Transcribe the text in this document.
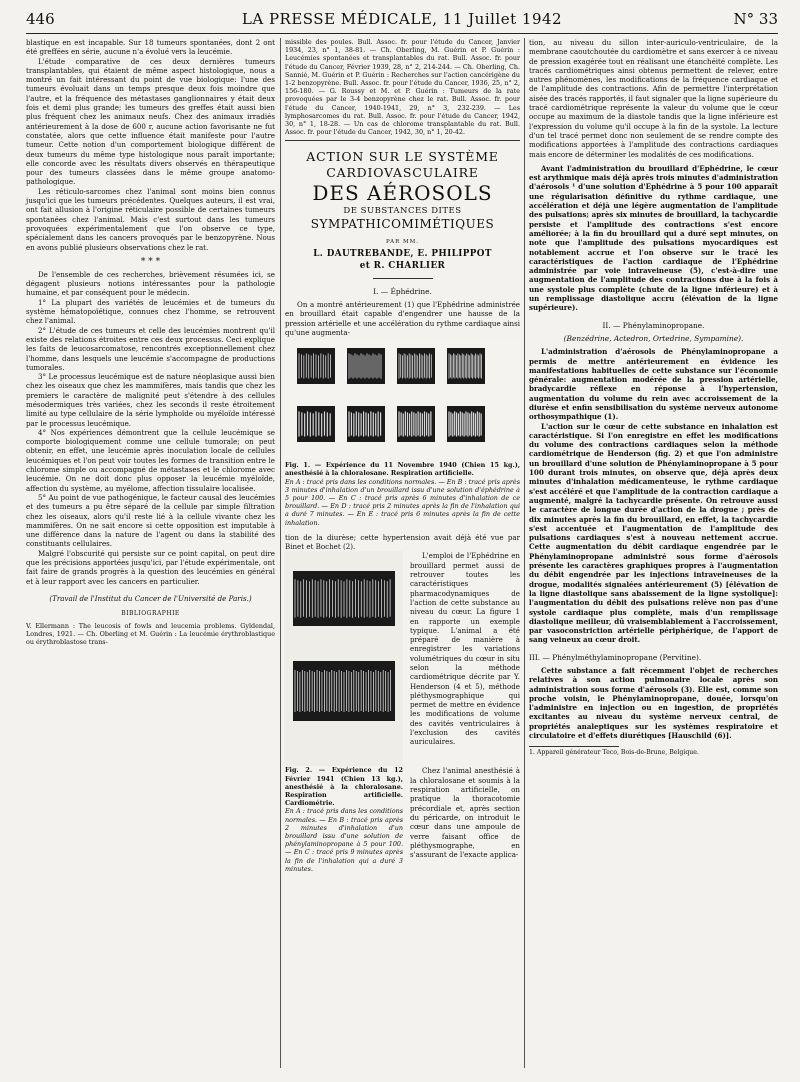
LA PRESSE MÉDICALE, 11 Juillet 1942
446	N° 33

blastique en est incapable. Sur 18 tumeurs spontanées, dont 2 ont été greffées en série, aucune n'a évolué vers la leucémie.

L'étude comparative de ces deux dernières tumeurs transplantables, qui étaient de même aspect histologique, nous a montré un fait intéressant du point de vue biologique: l'une des tumeurs évoluait dans un temps presque deux fois moindre que l'autre, et la fréquence des métastases ganglionnaires y était deux fois et demi plus grande; les tumeurs des greffes était aussi bien plus fréquent chez les animaux neufs. Chez des animaux irradiés antérieurement à la dose de 600 r, aucune action favorisante ne fut constatée, alors que cette influence était manifeste pour l'autre tumeur. Cette notion d'un comportement biologique différent de deux tumeurs du même type histologique nous paraît importante; elle concorde avec les résultats divers observés en thérapeutique pour des tumeurs classées dans le même groupe anatomo-pathologique.

Les réticulo-sarcomes chez l'animal sont moins bien connus jusqu'ici que les tumeurs précédentes. Quelques auteurs, il est vrai, ont fait allusion à l'origine réticulaire possible de certaines tumeurs spontanées chez l'animal. Mais c'est surtout dans les tumeurs provoquées expérimentalement que l'on observe ce type, spécialement dans les cancers provoqués par le benzopyrène. Nous en avons publié plusieurs observations chez le rat.

* * *

De l'ensemble de ces recherches, brièvement résumées ici, se dégagent plusieurs notions intéressantes pour la pathologie humaine, et par conséquent pour le médecin.

1° La plupart des variétés de leucémies et de tumeurs du système hématopoïétique, connues chez l'homme, se retrouvent chez l'animal.

2° L'étude de ces tumeurs et celle des leucémies montrent qu'il existe des relations étroites entre ces deux processus. Ceci explique les faits de leucosarcomatose, rencontrés exceptionnellement chez l'homme, dans lesquels une leucémie s'accompagne de productions tumorales.

3° Le processus leucémique est de nature néoplasique aussi bien chez les oiseaux que chez les mammifères, mais tandis que chez les premiers le caractère de malignité peut s'étendre à des cellules mésodermiques très variées, chez les seconds il reste étroitement limité au type cellulaire de la série lymphoïde ou myéloïde intéressé par le processus leucémique.

4° Nos expériences démontrent que la cellule leucémique se comporte biologiquement comme une cellule tumorale; on peut obtenir, en effet, une leucémie après inoculation locale de cellules leucémiques et l'on peut voir toutes les formes de transition entre le chlorome simple ou accompagné de métastases et le chlorome avec leucémie. On ne doit donc plus opposer la leucémie myéloïde, affection du système, au myélome, affection tissulaire localisée.

5° Au point de vue pathogénique, le facteur causal des leucémies et des tumeurs a pu être séparé de la cellule par simple filtration chez les oiseaux, alors qu'il reste lié à la cellule vivante chez les mammifères. On ne sait encore si cette opposition est imputable à une différence dans la nature de l'agent ou dans la stabilité des constituants cellulaires.

Malgré l'obscurité qui persiste sur ce point capital, on peut dire que les précisions apportées jusqu'ici, par l'étude expérimentale, ont fait faire de grands progrès à la question des leucémies en général et à leur rapport avec les cancers en particulier.

(Travail de l'Institut du Cancer de l'Université de Paris.)

BIBLIOGRAPHIE

V. Ellermann : The leucosis of fowls and leucemia problems. Gyldendal, Londres, 1921. — Ch. Oberling et M. Guérin : La leucémie érythroblastique ou érythroblastose trans-

missible des poules. Bull. Assoc. fr. pour l'étude du Cancer, Janvier 1934, 23, n° 1, 38-81. — Ch. Oberling, M. Guérin et P. Guérin : Leucémies spontanées et transplantables du rat. Bull. Assoc. fr. pour l'étude du Cancer, Février 1939, 28, n° 2, 214-244. — Ch. Oberling, Ch. Sannié, M. Guérin et P. Guérin : Recherches sur l'action cancérigène du 1-2 benzopyrène. Bull. Assoc. fr. pour l'étude du Cancer, 1936, 25, n° 2, 156-180. — G. Roussy et M. et P. Guérin : Tumeurs de la rate provoquées par le 3-4 benzopyrène chez le rat. Bull. Assoc. fr. pour l'étude du Cancer, 1940-1941, 29, n° 3, 232-239. — Les lymphosarcomes du rat. Bull. Assoc. fr. pour l'étude du Cancer, 1942, 30, n° 1, 18-28. — Un cas de chlorome transplantable du rat. Bull. Assoc. fr. pour l'étude du Cancer, 1942, 30, n° 1, 20-42.

ACTION SUR LE SYSTÈME
CARDIOVASCULAIRE
DES AÉROSOLS
DE SUBSTANCES DITES
SYMPATHICOMIMÉTIQUES
PAR MM.
L. DAUTREBANDE, E. PHILIPPOT
et R. CHARLIER
I. — Éphédrine.

On a montré antérieurement (1) que l'Ephédrine administrée en brouillard était capable d'engendrer une hausse de la pression artérielle et une accélération du rythme cardiaque ainsi qu'une augmenta-

Fig. 1. — Expérience du 11 Novembre 1940 (Chien 15 kg.), anesthésié à la chloralosane. Respiration artificielle.

En A : tracé pris dans les conditions normales. — En B : tracé pris après 3 minutes d'inhalation d'un brouillard issu d'une solution d'éphédrine à 5 pour 100. — En C : tracé pris après 6 minutes d'inhalation de ce brouillard. — En D : tracé pris 2 minutes après la fin de l'inhalation qui a duré 7 minutes. — En E : tracé pris 6 minutes après la fin de cette inhalation.

tion de la diurèse; cette hypertension avait déjà été vue par Binet et Bochet (2).

L'emploi de l'Ephédrine en brouillard permet aussi de retrouver toutes les caractéristiques pharmacodynamiques de l'action de cette substance au niveau du cœur. La figure 1 en rapporte un exemple typique. L'animal a été préparé de manière à enregistrer les variations volumétriques du cœur in situ selon la méthode cardiométrique décrite par Y. Henderson (4 et 5), méthode pléthysmographique qui permet de mettre en évidence les modifications de volume des cavités ventriculaires à l'exclusion des cavités auriculaires.

Fig. 2. — Expérience du 12 Février 1941 (Chien 13 kg.), anesthésié à la chloralosane. Respiration artificielle. Cardiométrie.

En A : tracé pris dans les conditions normales. — En B : tracé pris après 2 minutes d'inhalation d'un brouillard issu d'une solution de phénylaminopropane à 5 pour 100. — En C : tracé pris 9 minutes après la fin de l'inhalation qui a duré 3 minutes.

Chez l'animal anesthésié à la chloralosane et soumis à la respiration artificielle, on pratique la thoracotomie précordiale et, après section du péricarde, on introduit le cœur dans une ampoule de verre faisant office de pléthysmographe, en s'assurant de l'exacte applica-

tion, au niveau du sillon inter-auriculo-ventriculaire, de la membrane caoutchoutée du cardiomètre et sans exercer à ce niveau de pression exagérée tout en réalisant une étanchéité complète. Les tracés cardiométriques ainsi obtenus permettent de relever, entre autres phénomènes, les modifications de la fréquence cardiaque et de l'amplitude des contractions. Afin de permettre l'interprétation aisée des tracés rapportés, il faut signaler que la ligne supérieure du tracé cardiométrique représente la valeur du volume que le cœur occupe au maximum de la diastole tandis que la ligne inférieure est l'expression du volume qu'il occupe à la fin de la systole. La lecture d'un tel tracé permet donc non seulement de se rendre compte des modifications apportées à l'amplitude des contractions cardiaques mais encore de déterminer les modalités de ces modifications.

Avant l'administration du brouillard d'Ephédrine, le cœur est arythmique mais déjà après trois minutes d'administration d'aérosols ¹ d'une solution d'Ephédrine à 5 pour 100 apparaît une régularisation définitive du rythme cardiaque, une accélération et déjà une légère augmentation de l'amplitude des pulsations; après six minutes de brouillard, la tachycardie persiste et l'amplitude des contractions s'est encore améliorée; à la fin du brouillard qui a duré sept minutes, on note que l'amplitude des pulsations myocardiques est notablement accrue et l'on observe sur le tracé les caractéristiques de l'action cardiaque de l'Ephédrine administrée par voie intraveineuse (5), c'est-à-dire une augmentation de l'amplitude des contractions due à la fois à une systole plus complète (chute de la ligne inférieure) et à un remplissage diastolique accru (élévation de la ligne supérieure).

II. — Phénylaminopropane.
(Benzédrine, Actedron, Ortedrine, Sympamine).

L'administration d'aérosols de Phénylaminopropane a permis de mettre antérieurement en évidence les manifestations habituelles de cette substance sur l'économie générale: augmentation modérée de la pression artérielle, bradycardie réflexe en réponse à l'hypertension, augmentation du volume du rein avec accroissement de la diurèse et enfin sensibilisation du système nerveux autonome orthosympathique (1).

L'action sur le cœur de cette substance en inhalation est caractéristique. Si l'on enregistre en effet les modifications du volume des contractions cardiaques selon la méthode cardiométrique de Henderson (fig. 2) et que l'on administre un brouillard d'une solution de Phénylaminopropane à 5 pour 100 durant trois minutes, on observe que, déjà après deux minutes d'inhalation médicamenteuse, le rythme cardiaque s'est accéléré et que l'amplitude de la contraction cardiaque a augmenté, malgré la tachycardie présente. On retrouve aussi le caractère de longue durée d'action de la drogue ; près de dix minutes après la fin du brouillard, en effet, la tachycardie s'est accentuée et l'augmentation de l'amplitude des pulsations cardiaques s'est à nouveau nettement accrue. Cette augmentation du débit cardiaque engendrée par le Phénylaminopropane administré sous forme d'aérosols présente les caractères graphiques propres à l'augmentation du débit engendrée par les injections intraveineuses de la drogue, modalités signalées antérieurement (5) [élévation de la ligne diastolique sans abaissement de la ligne systolique]: l'augmentation du débit des pulsations relève non pas d'une systole cardiaque plus complète, mais d'un remplissage diastolique meilleur, dû vraisemblablement à l'accroissement, par vasoconstriction artérielle périphérique, de l'apport de sang veineux au cœur droit.

III. — Phénylméthylaminopropane (Pervitine).

Cette substance a fait récemment l'objet de recherches relatives à son action pulmonaire locale après son administration sous forme d'aérosols (3). Elle est, comme son proche voisin, le Phénylaminopropane, douée, lorsqu'on l'administre en injection ou en ingestion, de propriétés excitantes au niveau du système nerveux central, de propriétés analeptiques sur les systèmes respiratoire et circulatoire et d'effets diurétiques [Hauschild (6)].

1. Appareil générateur Teco, Bois-de-Brune, Belgique.
